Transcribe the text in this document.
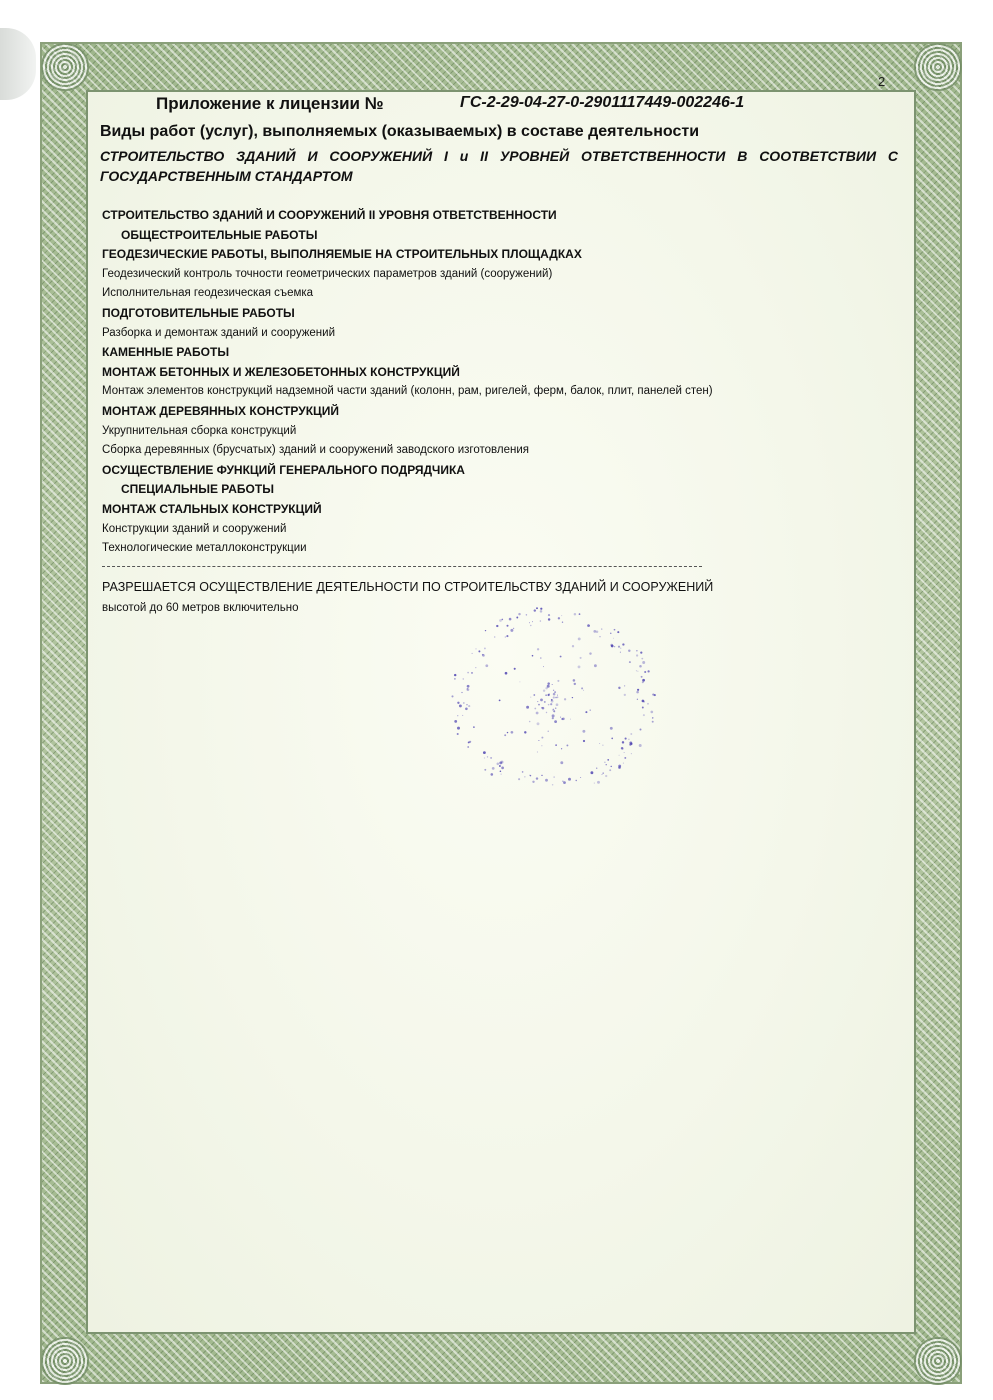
2
Приложение к лицензии №	ГС-2-29-04-27-0-2901117449-002246-1
Виды работ (услуг), выполняемых (оказываемых) в составе деятельности
СТРОИТЕЛЬСТВО ЗДАНИЙ И СООРУЖЕНИЙ I и II УРОВНЕЙ ОТВЕТСТВЕННОСТИ В СООТВЕТСТВИИ С ГОСУДАРСТВЕННЫМ СТАНДАРТОМ
СТРОИТЕЛЬСТВО ЗДАНИЙ И СООРУЖЕНИЙ II УРОВНЯ ОТВЕТСТВЕННОСТИ
ОБЩЕСТРОИТЕЛЬНЫЕ РАБОТЫ
ГЕОДЕЗИЧЕСКИЕ РАБОТЫ, ВЫПОЛНЯЕМЫЕ НА СТРОИТЕЛЬНЫХ ПЛОЩАДКАХ
Геодезический контроль точности геометрических параметров зданий (сооружений)
Исполнительная геодезическая съемка
ПОДГОТОВИТЕЛЬНЫЕ РАБОТЫ
Разборка и демонтаж зданий и сооружений
КАМЕННЫЕ РАБОТЫ
МОНТАЖ БЕТОННЫХ И ЖЕЛЕЗОБЕТОННЫХ КОНСТРУКЦИЙ
Монтаж элементов конструкций надземной части зданий (колонн, рам, ригелей, ферм, балок, плит, панелей стен)
МОНТАЖ ДЕРЕВЯННЫХ КОНСТРУКЦИЙ
Укрупнительная сборка конструкций
Сборка деревянных (брусчатых) зданий и сооружений заводского изготовления
ОСУЩЕСТВЛЕНИЕ ФУНКЦИЙ ГЕНЕРАЛЬНОГО ПОДРЯДЧИКА
СПЕЦИАЛЬНЫЕ РАБОТЫ
МОНТАЖ СТАЛЬНЫХ КОНСТРУКЦИЙ
Конструкции зданий и сооружений
Технологические металлоконструкции
РАЗРЕШАЕТСЯ ОСУЩЕСТВЛЕНИЕ ДЕЯТЕЛЬНОСТИ ПО СТРОИТЕЛЬСТВУ ЗДАНИЙ И СООРУЖЕНИЙ
высотой до 60 метров включительно
